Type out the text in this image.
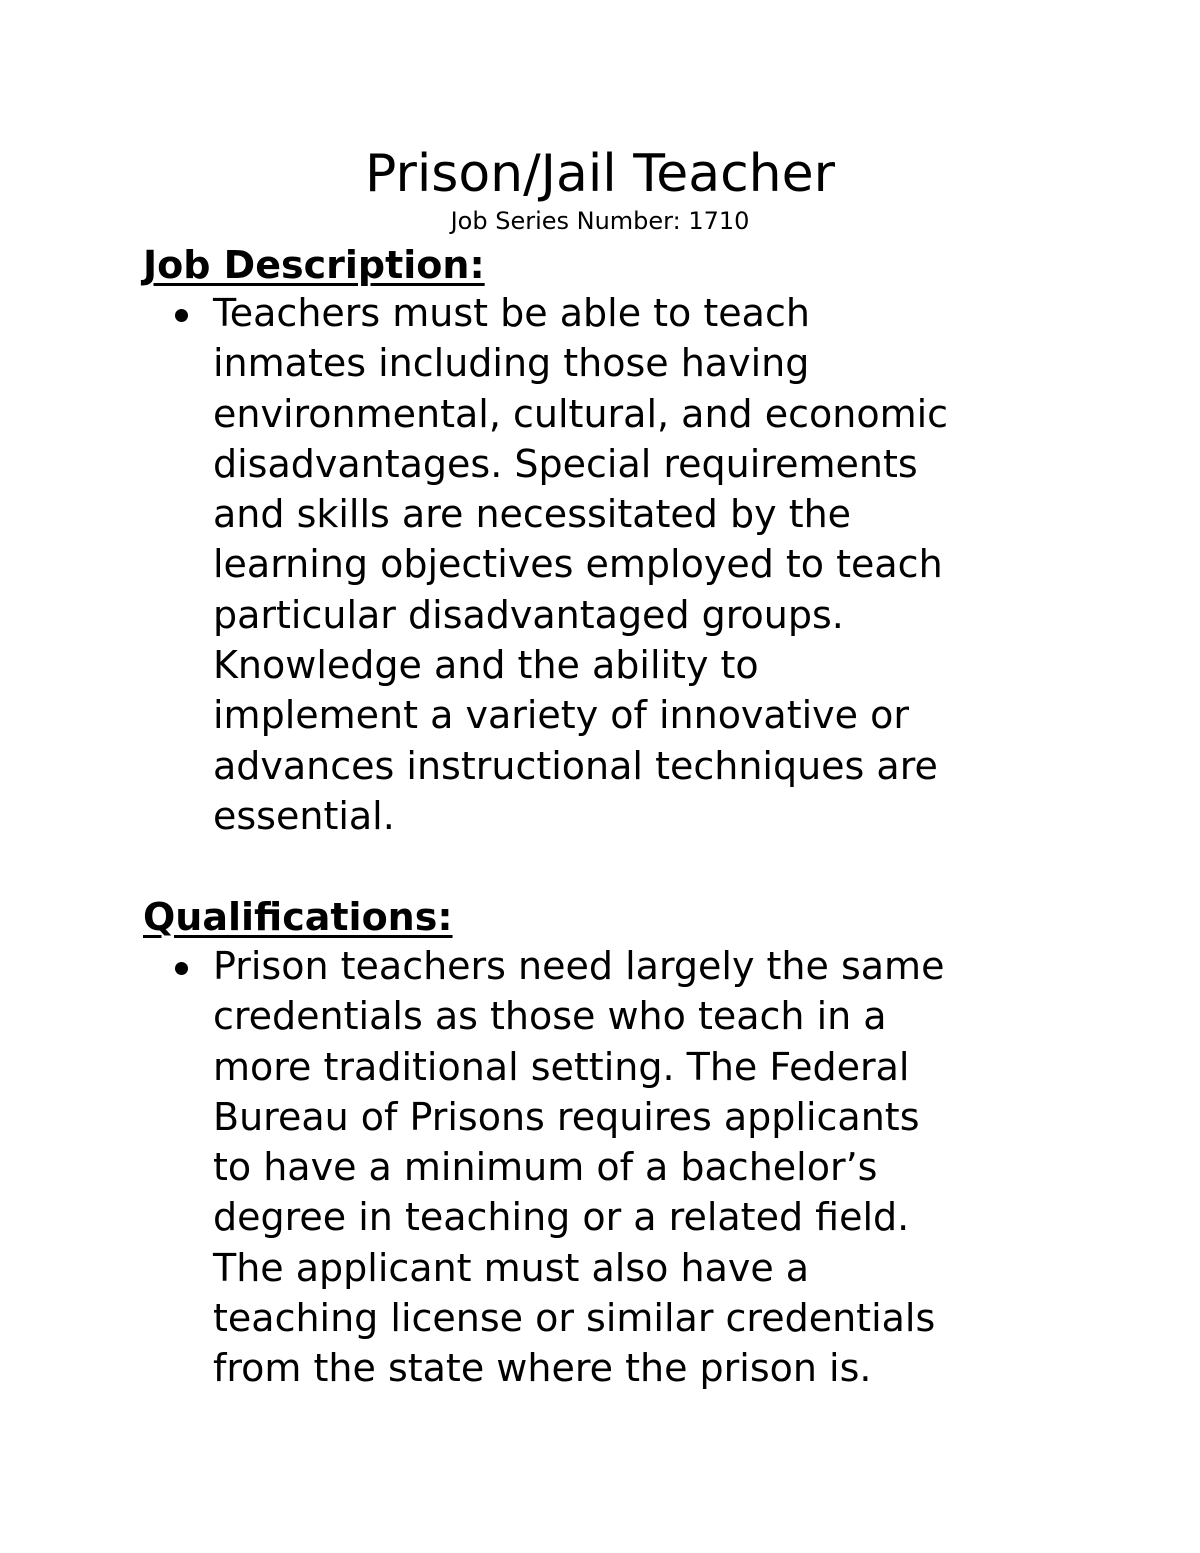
Prison/Jail Teacher

Job Series Number: 1710

Job Description:
Teachers must be able to teach
inmates including those having
environmental, cultural, and economic
disadvantages. Special requirements
and skills are necessitated by the
learning objectives employed to teach
particular disadvantaged groups.
Knowledge and the ability to
implement a variety of innovative or
advances instructional techniques are
essential.
Qualifications:
Prison teachers need largely the same
credentials as those who teach in a
more traditional setting. The Federal
Bureau of Prisons requires applicants
to have a minimum of a bachelor’s
degree in teaching or a related field.
The applicant must also have a
teaching license or similar credentials
from the state where the prison is.
